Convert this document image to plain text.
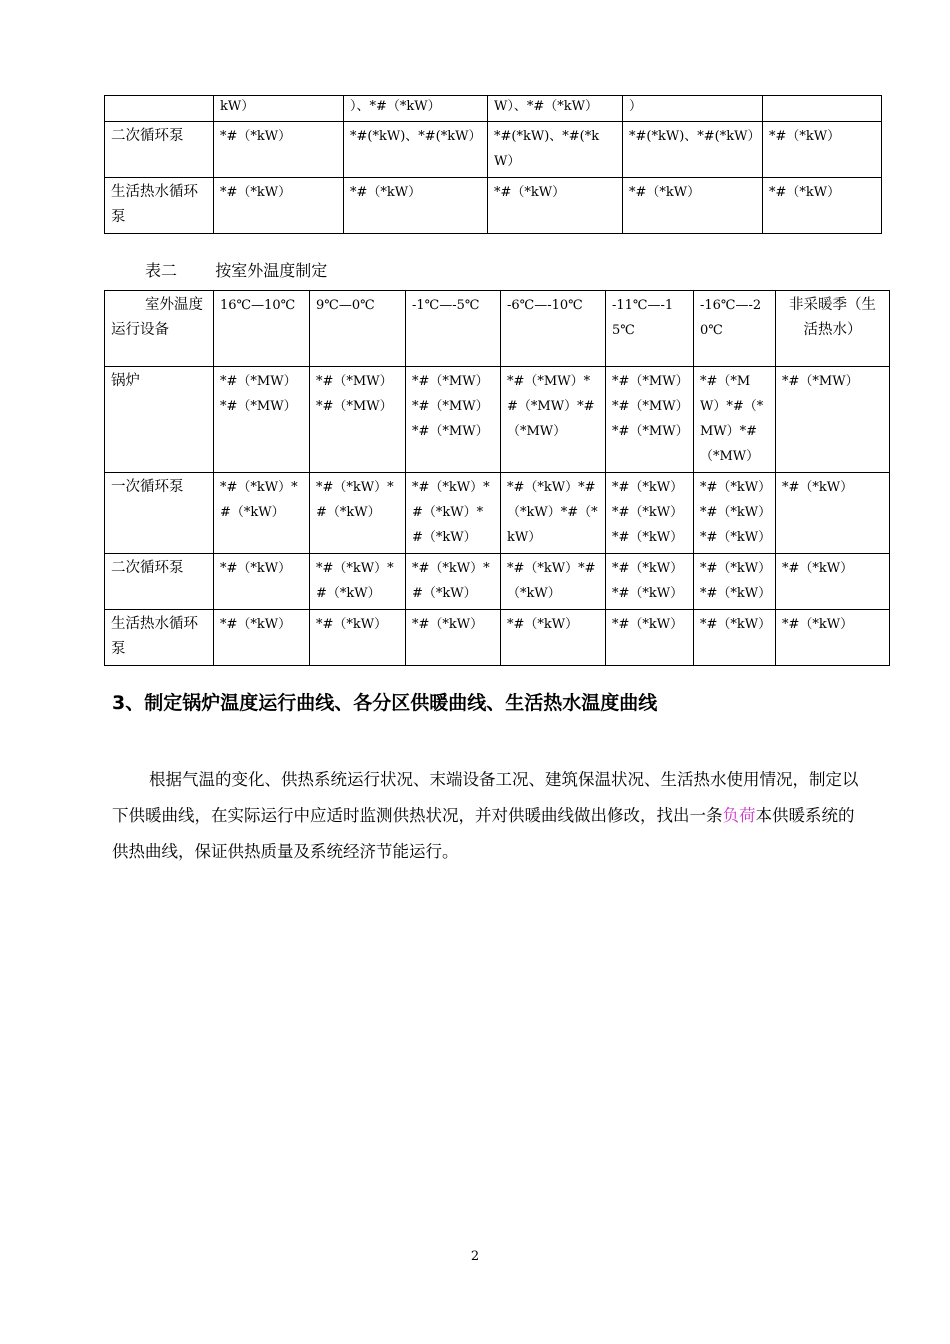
	kW）	）、*#（*kW）	W）、*#（*kW）	）	
二次循环泵	*#（*kW）	*#(*kW)、*#(*kW）	*#(*kW)、*#(*kW）	*#(*kW)、*#(*kW）	*#（*kW）
生活热水循环泵	*#（*kW）	*#（*kW）	*#（*kW）	*#（*kW）	*#（*kW）
表二 按室外温度制定
室外温度
运行设备	16℃—10℃	9℃—0℃	-1℃—-5℃	-6℃—-10℃	-11℃—-15℃	-16℃—-20℃	非采暖季（生活热水）
锅炉	*#（*MW）*#（*MW）	*#（*MW）*#（*MW）	*#（*MW）*#（*MW）*#（*MW）	*#（*MW）*#（*MW）*#（*MW）	*#（*MW）*#（*MW）*#（*MW）	*#（*MW）*#（*MW）*#（*MW）	*#（*MW）
一次循环泵	*#（*kW）*#（*kW）	*#（*kW）*#（*kW）	*#（*kW）*#（*kW）*#（*kW）	*#（*kW）*#（*kW）*#（*kW）	*#（*kW）*#（*kW）*#（*kW）	*#（*kW）*#（*kW）*#（*kW）	*#（*kW）
二次循环泵	*#（*kW）	*#（*kW）*#（*kW）	*#（*kW）*#（*kW）	*#（*kW）*#（*kW）	*#（*kW）*#（*kW）	*#（*kW）*#（*kW）	*#（*kW）
生活热水循环泵	*#（*kW）	*#（*kW）	*#（*kW）	*#（*kW）	*#（*kW）	*#（*kW）	*#（*kW）
3、制定锅炉温度运行曲线、各分区供暖曲线、生活热水温度曲线

根据气温的变化、供热系统运行状况、末端设备工况、建筑保温状况、生活热水使用情况，制定以下供暖曲线，在实际运行中应适时监测供热状况，并对供暖曲线做出修改，找出一条负荷本供暖系统的供热曲线，保证供热质量及系统经济节能运行。

2
